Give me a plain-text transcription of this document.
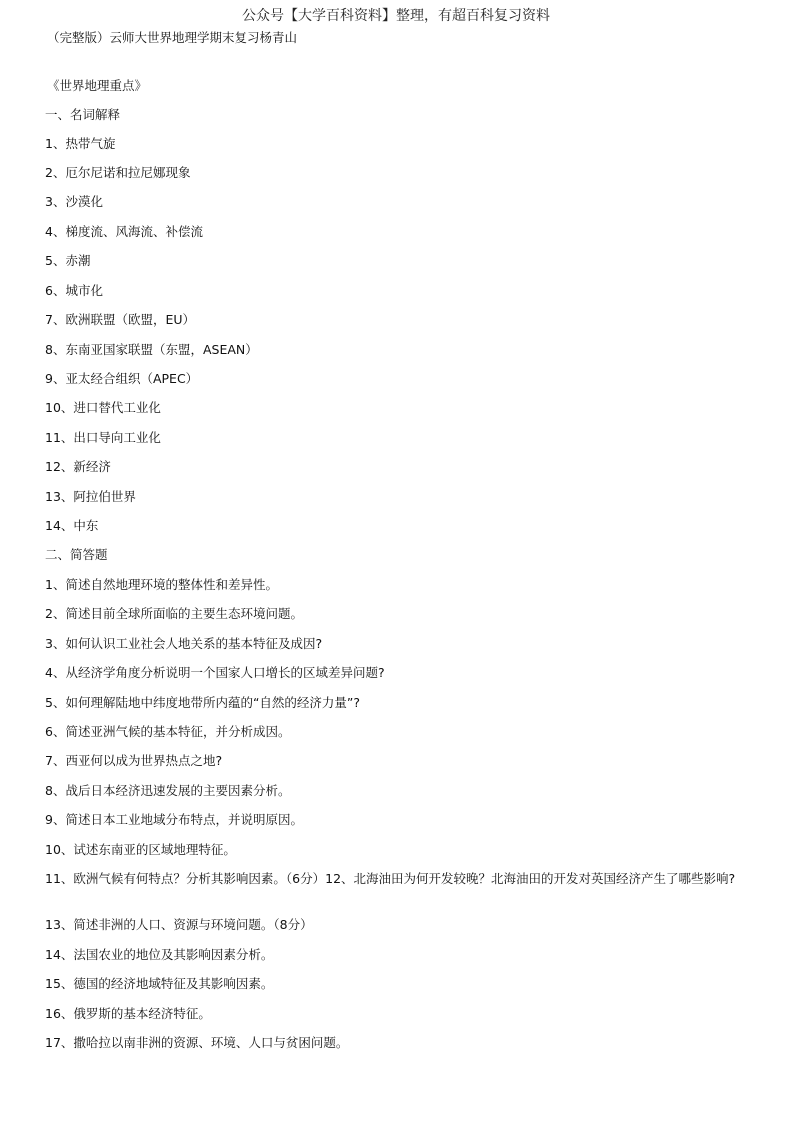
公众号【大学百科资料】整理，有超百科复习资料
（完整版）云师大世界地理学期末复习杨青山
《世界地理重点》
一、名词解释
1、热带气旋
2、厄尔尼诺和拉尼娜现象
3、沙漠化
4、梯度流、风海流、补偿流
5、赤潮
6、城市化
7、欧洲联盟（欧盟，EU）
8、东南亚国家联盟（东盟，ASEAN）
9、亚太经合组织（APEC）
10、进口替代工业化
11、出口导向工业化
12、新经济
13、阿拉伯世界
14、中东
二、简答题
1、简述自然地理环境的整体性和差异性。
2、简述目前全球所面临的主要生态环境问题。
3、如何认识工业社会人地关系的基本特征及成因?
4、从经济学角度分析说明一个国家人口增长的区域差异问题?
5、如何理解陆地中纬度地带所内蕴的“自然的经济力量”?
6、简述亚洲气候的基本特征，并分析成因。
7、西亚何以成为世界热点之地?
8、战后日本经济迅速发展的主要因素分析。
9、简述日本工业地域分布特点，并说明原因。
10、试述东南亚的区域地理特征。
11、欧洲气候有何特点？分析其影响因素。（6分）12、北海油田为何开发较晚？北海油田的开发对英国经济产生了哪些影响?
13、简述非洲的人口、资源与环境问题。（8分）
14、法国农业的地位及其影响因素分析。
15、德国的经济地域特征及其影响因素。
16、俄罗斯的基本经济特征。
17、撒哈拉以南非洲的资源、环境、人口与贫困问题。
